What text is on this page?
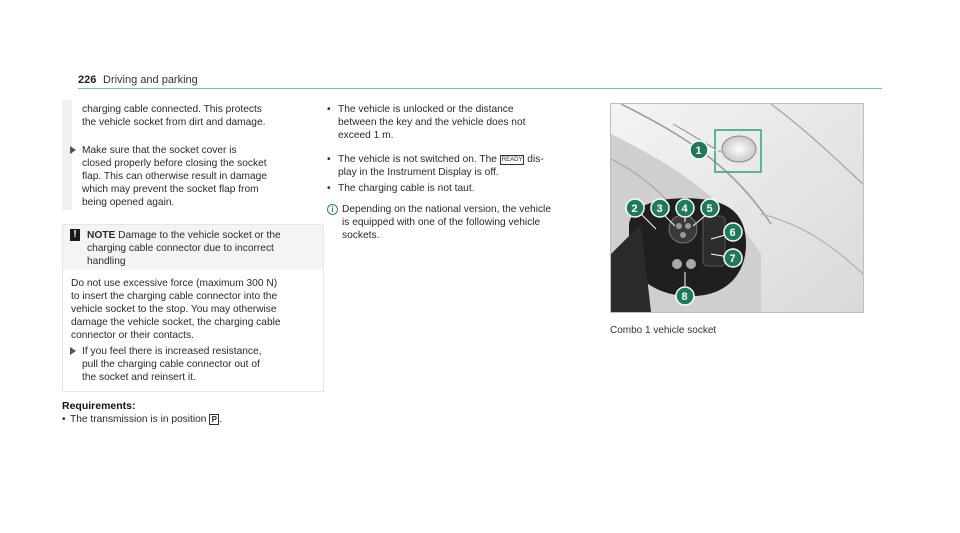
226 Driving and parking
charging cable connected. This protects
the vehicle socket from dirt and damage.
Make sure that the socket cover is
closed properly before closing the socket
flap. This can otherwise result in damage
which may prevent the socket flap from
being opened again.
!	NOTE Damage to the vehicle socket or the
charging cable connector due to incorrect
handling
Do not use excessive force (maximum 300 N)
to insert the charging cable connector into the
vehicle socket to the stop. You may otherwise
damage the vehicle socket, the charging cable
connector or their contacts.
If you feel there is increased resistance,
pull the charging cable connector out of
the socket and reinsert it.
Requirements:
• The transmission is in position P .
• The vehicle is unlocked or the distance
between the key and the vehicle does not
exceed 1 m.
• The vehicle is not switched on. The READY dis-
play in the Instrument Display is off.
• The charging cable is not taut.
i Depending on the national version, the vehicle
is equipped with one of the following vehicle
sockets.
1
2 3 4 5
6
7
8
Combo 1 vehicle socket
